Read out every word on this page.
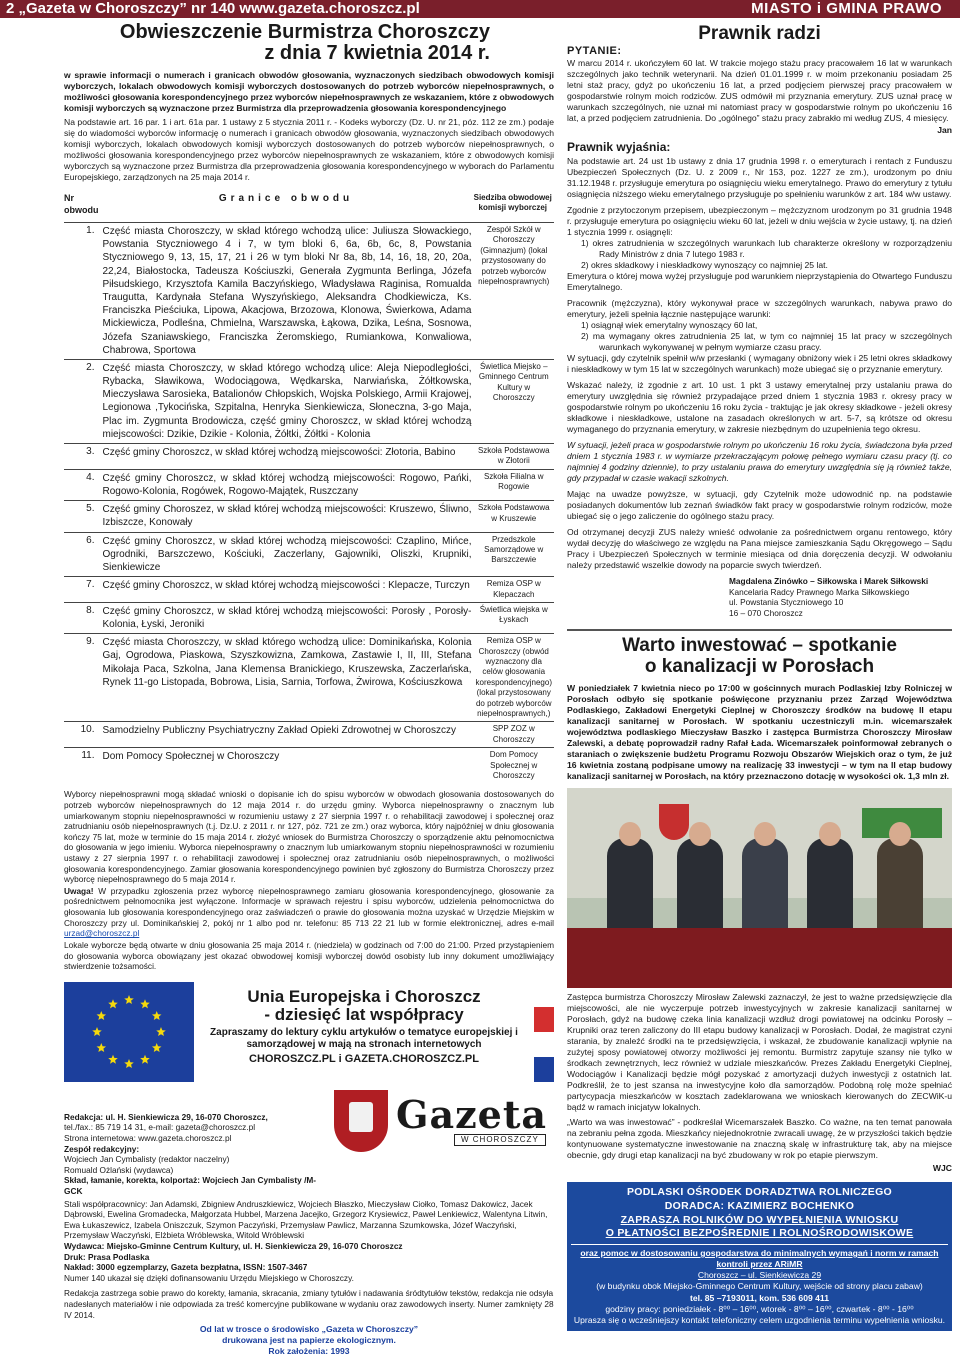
2 „Gazeta w Choroszczy” nr 140 www.gazeta.choroszcz.pl	MIASTO i GMINA PRAWO
Obwieszczenie Burmistrza Choroszczy
z dnia 7 kwietnia 2014 r.
w sprawie informacji o numerach i granicach obwodów głosowania, wyznaczonych siedzibach obwodowych komisji wyborczych, lokalach obwodowych komisji wyborczych dostosowanych do potrzeb wyborców niepełnosprawnych, o możliwości głosowania korespondencyjnego przez wyborców niepełnosprawnych ze wskazaniem, które z obwodowych komisji wyborczych są wyznaczone przez Burmistrza dla przeprowadzenia głosowania korespondencyjnego
Na podstawie art. 16 par. 1 i art. 61a par. 1 ustawy z 5 stycznia 2011 r. - Kodeks wyborczy (Dz. U. nr 21, póz. 112 ze zm.) podaje się do wiadomości wyborców informację o numerach i granicach obwodów głosowania, wyznaczonych siedzibach obwodowych komisji wyborczych, lokalach obwodowych komisji wyborczych dostosowanych do potrzeb wyborców niepełnosprawnych, o możliwości głosowania korespondencyjnego przez wyborców niepełnosprawnych ze wskazaniem, które z obwodowych komisji wyborczych są wyznaczone przez Burmistrza dla przeprowadzenia głosowania korespondencyjnego w wyborach do Parlamentu Europejskiego, zarządzonych na 25 maja 2014 r.
Nr obwodu	Granice obwodu	Siedziba obwodowej komisji wyborczej
1.	Część miasta Choroszczy, w skład którego wchodzą ulice: Juliusza Słowackiego, Powstania Styczniowego 4 i 7, w tym bloki 6, 6a, 6b, 6c, 8, Powstania Styczniowego 9, 13, 15, 17, 21 i 26 w tym bloki Nr 8a, 8b, 14, 16, 18, 20, 20a, 22,24, Białostocka, Tadeusza Kościuszki, Generała Zygmunta Berlinga, Józefa Piłsudskiego, Krzysztofa Kamila Baczyńskiego, Władysława Raginisa, Romualda Traugutta, Kardynała Stefana Wyszyńskiego, Aleksandra Chodkiewicza, Ks. Franciszka Pieściuka, Lipowa, Akacjowa, Brzozowa, Klonowa, Świerkowa, Adama Mickiewicza, Podleśna, Chmielna, Warszawska, Łąkowa, Dzika, Leśna, Sosnowa, Józefa Szaniawskiego, Franciszka Żeromskiego, Rumiankowa, Konwaliowa, Chabrowa, Sportowa	Zespół Szkół w Choroszczy (Gimnazjum) (lokal przystosowany do potrzeb wyborców niepełnosprawnych)
2.	Część miasta Choroszczy, w skład którego wchodzą ulice: Aleja Niepodległości, Rybacka, Sławikowa, Wodociągowa, Wędkarska, Narwiańska, Żółtkowska, Mieczysława Sarosieka, Batalionów Chłopskich, Wojska Polskiego, Armii Krajowej, Legionowa ,Tykocińska, Szpitalna, Henryka Sienkiewicza, Słoneczna, 3-go Maja, Plac im. Zygmunta Brodowicza, część gminy Choroszcz, w skład której wchodzą miejscowości: Dzikie, Dzikie - Kolonia, Żółtki, Żółtki - Kolonia	Świetlica Miejsko – Gminnego Centrum Kultury w Choroszczy
3.	Część gminy Choroszcz, w skład której wchodzą miejscowości: Złotoria, Babino	Szkoła Podstawowa w Złotorii
4.	Część gminy Choroszcz, w skład której wchodzą miejscowości: Rogowo, Pańki, Rogowo-Kolonia, Rogówek, Rogowo-Majątek, Ruszczany	Szkoła Filialna w Rogowie
5.	Część gminy Choroszez, w skład której wchodzą miejscowości: Kruszewo, Śliwno, Izbiszcze, Konowały	Szkoła Podstawowa w Kruszewie
6.	Część gminy Choroszcz, w skład której wchodzą miejscowości: Czaplino, Mińce, Ogrodniki, Barszczewo, Kościuki, Zaczerlany, Gajowniki, Oliszki, Krupniki, Sienkiewicze	Przedszkole Samorządowe w Barszczewie
7.	Część gminy Choroszcz, w skład której wchodzą miejscowości : Klepacze, Turczyn	Remiza OSP w Klepaczach
8.	Część gminy Choroszcz, w skład której wchodzą miejscowości: Porosły , Porosły-Kolonia, Łyski, Jeroniki	Świetlica wiejska w Łyskach
9.	Część miasta Choroszczy, w skład którego wchodzą ulice: Dominikańska, Kolonia Gaj, Ogrodowa, Piaskowa, Szyszkowizna, Zamkowa, Zastawie I, II, III, Stefana Mikołaja Paca, Szkolna, Jana Klemensa Branickiego, Kruszewska, Zaczerlańska, Rynek 11-go Listopada, Bobrowa, Lisia, Sarnia, Torfowa, Żwirowa, Kościuszkowa	Remiza OSP w Choroszczy (obwód wyznaczony dla celów głosowania korespondencyjnego) (lokal przystosowany do potrzeb wyborców niepełnosprawnych,)
10.	Samodzielny Publiczny Psychiatryczny Zakład Opieki Zdrowotnej w Choroszczy	SPP ZOZ w Choroszczy
11.	Dom Pomocy Społecznej w Choroszczy	Dom Pomocy Społecznej w Choroszczy

Wyborcy niepełnosprawni mogą składać wnioski o dopisanie ich do spisu wyborców w obwodach głosowania dostosowanych do potrzeb wyborców niepełnosprawnych do 12 maja 2014 r. do urzędu gminy. Wyborca niepełnosprawny o znacznym lub umiarkowanym stopniu niepełnosprawności w rozumieniu ustawy z 27 sierpnia 1997 r. o rehabilitacji zawodowej i społecznej oraz zatrudnianiu osób niepełnosprawnych (t.j. Dz.U. z 2011 r. nr 127, póz. 721 ze zm.) oraz wyborca, który najpóźniej w dniu głosowania kończy 75 lat, może w terminie do 15 maja 2014 r. złożyć wniosek do Burmistrza Choroszczy o sporządzenie aktu pełnomocnictwa do głosowania w jego imieniu. Wyborca niepełnosprawny o znacznym lub umiarkowanym stopniu niepełnosprawności w rozumieniu ustawy z 27 sierpnia 1997 r. o rehabilitacji zawodowej i społecznej oraz zatrudnianiu osób niepełnosprawnych, o możliwości głosowania korespondencyjnego. Zamiar głosowania korespondencyjnego powinien być zgłoszony do Burmistrza Choroszczy przez wyborcę niepełnosprawnego do 5 maja 2014 r.

Uwaga! W przypadku zgłoszenia przez wyborcę niepełnosprawnego zamiaru głosowania korespondencyjnego, głosowanie za pośrednictwem pełnomocnika jest wyłączone. Informacje w sprawach rejestru i spisu wyborców, udzielenia pełnomocnictwa do głosowania lub głosowania korespondencyjnego oraz zaświadczeń o prawie do głosowania można uzyskać w Urzędzie Miejskim w Choroszczy przy ul. Dominikańskiej 2, pokój nr 1 albo pod nr. telefonu: 85 713 22 21 lub w formie elektronicznej, adres e-mail urzad@choroszcz.pl

Lokale wyborcze będą otwarte w dniu głosowania 25 maja 2014 r. (niedziela) w godzinach od 7:00 do 21:00. Przed przystąpieniem do głosowania wyborca obowiązany jest okazać obwodowej komisji wyborczej dowód osobisty lub inny dokument umożliwiający stwierdzenie tożsamości.

Unia Europejska i Choroszcz
- dziesięć lat współpracy
Zapraszamy do lektury cyklu artykułów o tematyce europejskiej i samorządowej w mają na stronach internetowych
CHOROSZCZ.PL i GAZETA.CHOROSZCZ.PL
Gazeta
W CHOROSZCZY
Redakcja: ul. H. Sienkiewicza 29, 16-070 Choroszcz,
tel./fax.: 85 719 14 31, e-mail: gazeta@choroszcz.pl
Strona internetowa: www.gazeta.choroszcz.pl
Zespół redakcyjny:
Wojciech Jan Cymbalisty (redaktor naczelny)
Romuald Ożlański (wydawca)
Skład, łamanie, korekta, kolportaż: Wojciech Jan Cymbalisty /M-GCK
Stali współpracownicy: Jan Adamski, Zbigniew Andruszkiewicz, Wojciech Błaszko, Mieczysław Ciołko, Tomasz Dakowicz, Jacek Dąbrowski, Ewelina Gromadecka, Małgorzata Hubbel, Marzena Jacejko, Grzegorz Krysiewicz, Paweł Lenkiewicz, Walentyna Litwin, Ewa Łukaszewicz, Izabela Oniszczuk, Szymon Paczyński, Przemysław Pawlicz, Marzanna Szumkowska, Józef Waczyński, Przemysław Waczyński, Elżbieta Wróblewska, Witold Wróblewski
Wydawca: Miejsko-Gminne Centrum Kultury, ul. H. Sienkiewicza 29, 16-070 Choroszcz
Druk: Prasa Podlaska
Nakład: 3000 egzemplarzy, Gazeta bezpłatna, ISSN: 1507-3467
Numer 140 ukazał się dzięki dofinansowaniu Urzędu Miejskiego w Choroszczy.
Redakcja zastrzega sobie prawo do korekty, łamania, skracania, zmiany tytułów i nadawania śródtytułów tekstów, redakcja nie odsyła nadesłanych materiałów i nie odpowiada za treść komercyjne publikowane w wydaniu oraz zawodowych inserty. Numer zamknięty 28 IV 2014.
Od lat w trosce o środowisko „Gazeta w Choroszczy”
drukowana jest na papierze ekologicznym.
Rok założenia: 1993
Prawnik radzi
PYTANIE:
W marcu 2014 r. ukończyłem 60 lat. W trakcie mojego stażu pracy pracowałem 16 lat w warunkach szczególnych jako technik weterynarii. Na dzień 01.01.1999 r. w moim przekonaniu posiadam 25 letni staż pracy, gdyż po ukończeniu 16 lat, a przed podjęciem pierwszej pracy pracowałem w gospodarstwie rolnym moich rodziców. ZUS odmówił mi przyznania emerytury. ZUS uznał pracę w warunkach szczególnych, nie uznał mi natomiast pracy w gospodarstwie rolnym po ukończeniu 16 lat, a przed podjęciem zatrudnienia. Do „ogólnego” stażu pracy zabrakło mi według ZUS, 4 miesięcy.
Jan
Prawnik wyjaśnia:

Na podstawie art. 24 ust 1b ustawy z dnia 17 grudnia 1998 r. o emeryturach i rentach z Funduszu Ubezpieczeń Społecznych (Dz. U. z 2009 r., Nr 153, poz. 1227 ze zm.), urodzonym po dniu 31.12.1948 r. przysługuje emerytura po osiągnięciu wieku emerytalnego. Prawo do emerytury z tytułu osiągnięcia niższego wieku emerytalnego przysługuje po spełnieniu warunków z art. 184 w/w ustawy.

Zgodnie z przytoczonym przepisem, ubezpieczonym – mężczyznom urodzonym po 31 grudnia 1948 r. przysługuje emerytura po osiągnięciu wieku 60 lat, jeżeli w dniu wejścia w życie ustawy, tj. na dzień 1 stycznia 1999 r. osiągnęli:

1) okres zatrudnienia w szczególnych warunkach lub charakterze określony w rozporządzeniu Rady Ministrów z dnia 7 lutego 1983 r.
2) okres składkowy i nieskładkowy wynoszący co najmniej 25 lat.

Emerytura o której mowa wyżej przysługuje pod warunkiem nieprzystąpienia do Otwartego Funduszu Emerytalnego.

Pracownik (mężczyzna), który wykonywał prace w szczególnych warunkach, nabywa prawo do emerytury, jeżeli spełnia łącznie następujące warunki:

1) osiągnął wiek emerytalny wynoszący 60 lat,
2) ma wymagany okres zatrudnienia 25 lat, w tym co najmniej 15 lat pracy w szczególnych warunkach wykonywanej w pełnym wymiarze czasu pracy.

W sytuacji, gdy czytelnik spełnił w/w przesłanki ( wymagany obniżony wiek i 25 letni okres składkowy i nieskładkowy w tym 15 lat w szczególnych warunkach) może ubiegać się o przyznanie emerytury.

Wskazać należy, iż zgodnie z art. 10 ust. 1 pkt 3 ustawy emerytalnej przy ustalaniu prawa do emerytury uwzględnia się również przypadające przed dniem 1 stycznia 1983 r. okresy pracy w gospodarstwie rolnym po ukończeniu 16 roku życia - traktując je jak okresy składkowe - jeżeli okresy składkowe i nieskładkowe, ustalone na zasadach określonych w art. 5-7, są krótsze od okresu wymaganego do przyznania emerytury, w zakresie niezbędnym do uzupełnienia tego okresu.

W sytuacji, jeżeli praca w gospodarstwie rolnym po ukończeniu 16 roku życia, świadczona była przed dniem 1 stycznia 1983 r. w wymiarze przekraczającym połowę pełnego wymiaru czasu pracy (tj. co najmniej 4 godziny dziennie), to przy ustalaniu prawa do emerytury uwzględnia się ją również także, gdy przypadał w czasie wakacji szkolnych.

Mając na uwadze powyższe, w sytuacji, gdy Czytelnik może udowodnić np. na podstawie posiadanych dokumentów lub zeznań świadków fakt pracy w gospodarstwie rolnym rodziców, może ubiegać się o jego zaliczenie do ogólnego stażu pracy.

Od otrzymanej decyzji ZUS należy wnieść odwołanie za pośrednictwem organu rentowego, który wydał decyzję do właściwego ze względu na Pana miejsce zamieszkania Sądu Okręgowego – Sądu Pracy i Ubezpieczeń Społecznych w terminie miesiąca od dnia doręczenia decyzji. W odwołaniu należy przedstawić wszelkie dowody na poparcie swych twierdzeń.

Magdalena Zinówko – Siłkowska i Marek Siłkowski
Kancelaria Radcy Prawnego Marka Siłkowskiego
ul. Powstania Styczniowego 10
16 – 070 Choroszcz
Warto inwestować – spotkanie
o kanalizacji w Porosłach
W poniedziałek 7 kwietnia nieco po 17:00 w gościnnych murach Podlaskiej Izby Rolniczej w Porosłach odbyło się spotkanie poświęcone przyznaniu przez Zarząd Województwa Podlaskiego, Zakładowi Energetyki Cieplnej w Choroszczy środków na budowę II etapu kanalizacji sanitarnej w Porosłach. W spotkaniu uczestniczyli m.in. wicemarszałek województwa podlaskiego Mieczysław Baszko i zastępca Burmistrza Choroszczy Mirosław Zalewski, a debatę poprowadził radny Rafał Łada. Wicemarszałek poinformował zebranych o staraniach o zwiększenie budżetu Programu Rozwoju Obszarów Wiejskich oraz o tym, że już 16 kwietnia zostaną podpisane umowy na realizację 33 inwestycji – w tym na II etap budowy kanalizacji sanitarnej w Porosłach, na który przeznaczono dotację w wysokości ok. 1,3 mln zł.
Zastępca burmistrza Choroszczy Mirosław Zalewski zaznaczył, że jest to ważne przedsięwzięcie dla miejscowości, ale nie wyczerpuje potrzeb inwestycyjnych w zakresie kanalizacji sanitarnej w Porosłach, gdyż na budowę czeka linia kanalizacji wzdłuż drogi powiatowej na odcinku Porosły – Krupniki oraz teren zaliczony do III etapu budowy kanalizacji w Porosłach. Dodał, że magistrat czyni starania, by znaleźć środki na te przedsięwzięcia, i wskazał, że zbudowanie kanalizacji wpłynie na zużytej sposy powiatowej otworzy możliwości jej remontu. Burmistrz zapytuje szansy nie tylko w środkach zewnętrznych, lecz również w udziale mieszkańców. Prezes Zakładu Energetyki Cieplnej, Wodociągów i Kanalizacji będzie mógł pozyskać z amortyzacji dużych inwestycji z ostatnich lat. Podkreślił, że to jest szansa na inwestycyjne koło dla samorządów. Podobną rolę może spełniać partycypacja mieszkańców w kosztach zadeklarowana we wnioskach kierowanych do ZECWiK-u bądź w ramach inicjatyw lokalnych.
„Warto wa was inwestować” - podkreślał Wicemarszałek Baszko. Co ważne, na ten temat panowała na zebraniu pełna zgoda. Mieszkańcy niejednokrotnie zwracali uwagę, że w przyszłości takich będzie kontynuowane systematyczne inwestowanie na znaczną skalę w infrastrukturę tak, aby na miejsce obecnie, gdy drugi etap kanalizacji na być zbudowany w rok po etapie pierwszym.
WJC
PODLASKI OŚRODEK DORADZTWA ROLNICZEGO
DORADCA: KAZIMIERZ BOCHENKO
ZAPRASZA ROLNIKÓW DO WYPEŁNIENIA WNIOSKU
O PŁATNOŚCI BEZPOŚREDNIE I ROLNOŚRODOWISKOWE
oraz pomoc w dostosowaniu gospodarstwa do minimalnych wymagań i norm w ramach kontroli przez ARiMR
Choroszcz – ul. Sienkiewicza 29
(w budynku obok Miejsko-Gminnego Centrum Kultury, wejście od strony placu zabaw)
tel. 85 –7193011, kom. 536 609 411
godziny pracy: poniedziałek - 8⁰⁰ – 16⁰⁰, wtorek - 8⁰⁰ – 16⁰⁰, czwartek - 8⁰⁰ - 16⁰⁰
Uprasza się o wcześniejszy kontakt telefoniczny celem uzgodnienia terminu wypełnienia wniosku.
